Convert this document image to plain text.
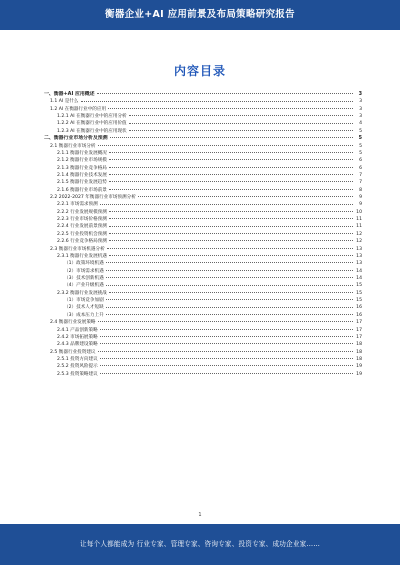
衡器企业+AI 应用前景及布局策略研究报告
内容目录
一、衡器+AI 应用概述	3
1.1 AI 是什么	3
1.2 AI 在衡器行业中的应用	3
1.2.1 AI 在衡器行业中的应用分析	3
1.2.2 AI 在衡器行业中的应用价值	4
1.2.3 AI 在衡器行业中的应用现状	5
二、衡器行业市场分析及预测	5
2.1 衡器行业市场分析	5
2.1.1 衡器行业发展概况	5
2.1.2 衡器行业市场规模	6
2.1.3 衡器行业竞争格局	6
2.1.4 衡器行业技术发展	7
2.1.5 衡器行业发展趋势	7
2.1.6 衡器行业市场前景	8
2.2 2022-2027 年衡器行业市场预测分析	9
2.2.1 市场需求预测	9
2.2.2 行业发展规模预测	10
2.2.3 行业市场价格预测	11
2.2.4 行业发展前景预测	11
2.2.5 行业投资机会预测	12
2.2.6 行业竞争格局预测	12
2.3 衡器行业市场机遇分析	13
2.3.1 衡器行业发展机遇	13
（1）政策环境机遇	13
（2）市场需求机遇	14
（3）技术创新机遇	14
（4）产业升级机遇	15
2.3.2 衡器行业发展挑战	15
（1）市场竞争加剧	15
（2）技术人才短缺	16
（3）成本压力上升	16
2.4 衡器行业发展策略	17
2.4.1 产品创新策略	17
2.4.2 市场拓展策略	17
2.4.3 品牌建设策略	18
2.5 衡器行业投资建议	18
2.5.1 投资方向建议	18
2.5.2 投资风险提示	19
2.5.3 投资策略建议	19
1
让每个人都能成为 行业专家、管理专家、咨询专家、投资专家、成功企业家……
